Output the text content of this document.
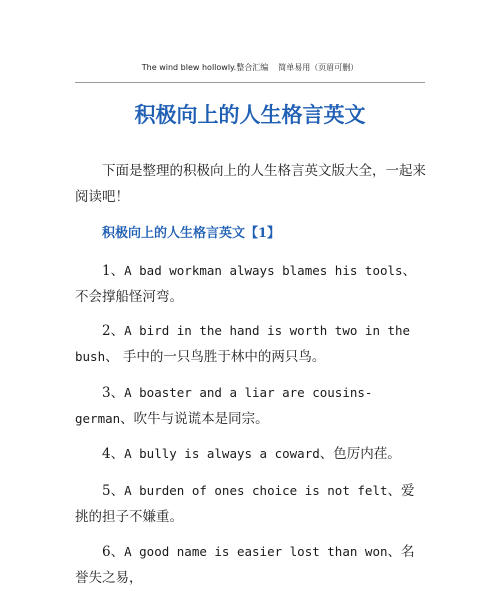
The wind blew hollowly.整合汇编 简单易用（页眉可删）
积极向上的人生格言英文
下面是整理的积极向上的人生格言英文版大全，一起来阅读吧！
积极向上的人生格言英文【1】
1、A bad workman always blames his tools、不会撑船怪河弯。
2、A bird in the hand is worth two in the bush、 手中的一只鸟胜于林中的两只鸟。
3、A boaster and a liar are cousins-german、吹牛与说谎本是同宗。
4、A bully is always a coward、色厉内荏。
5、A burden of ones choice is not felt、爱挑的担子不嫌重。
6、A good name is easier lost than won、名誉失之易，
